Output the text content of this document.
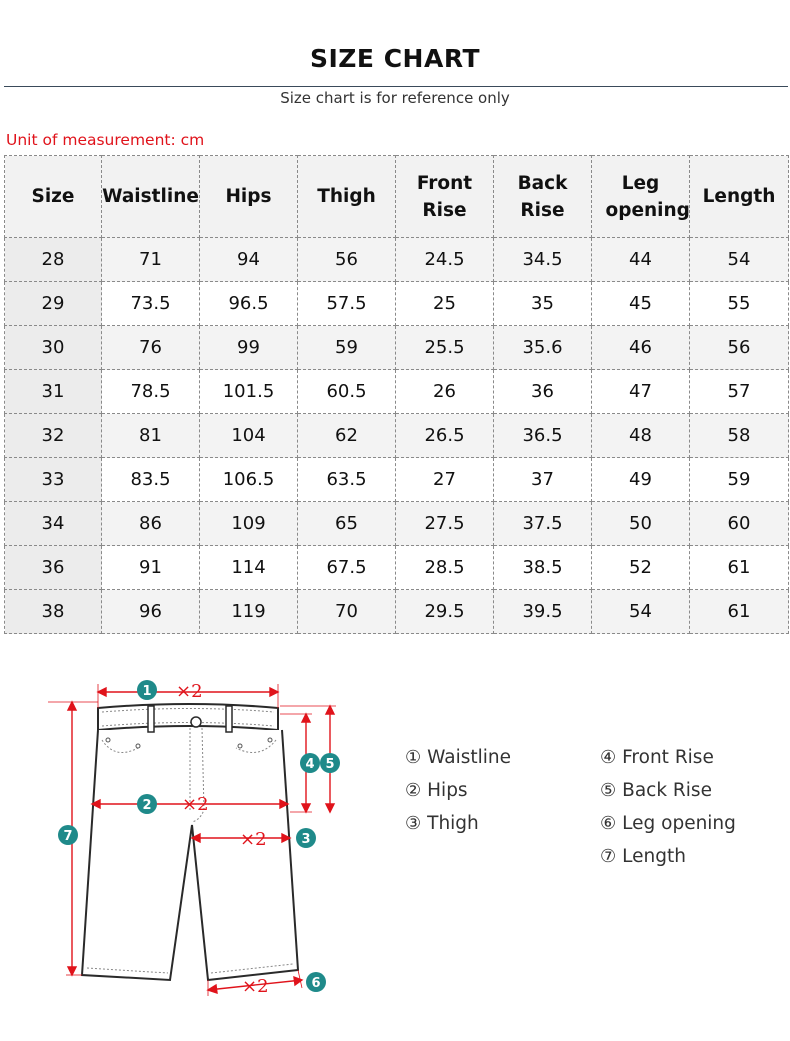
SIZE CHART
Size chart is for reference only
Unit of measurement: cm
Size	Waistline	Hips	Thigh	Front Rise	Back Rise	Leg opening	Length
28	71	94	56	24.5	34.5	44	54
29	73.5	96.5	57.5	25	35	45	55
30	76	99	59	25.5	35.6	46	56
31	78.5	101.5	60.5	26	36	47	57
32	81	104	62	26.5	36.5	48	58
33	83.5	106.5	63.5	27	37	49	59
34	86	109	65	27.5	37.5	50	60
36	91	114	67.5	28.5	38.5	52	61
38	96	119	70	29.5	39.5	54	61
×2
×2
×2
×2
1
2
3
4 5
6
7
① Waistline
② Hips
③ Thigh
④ Front Rise
⑤ Back Rise
⑥ Leg opening
⑦ Length
